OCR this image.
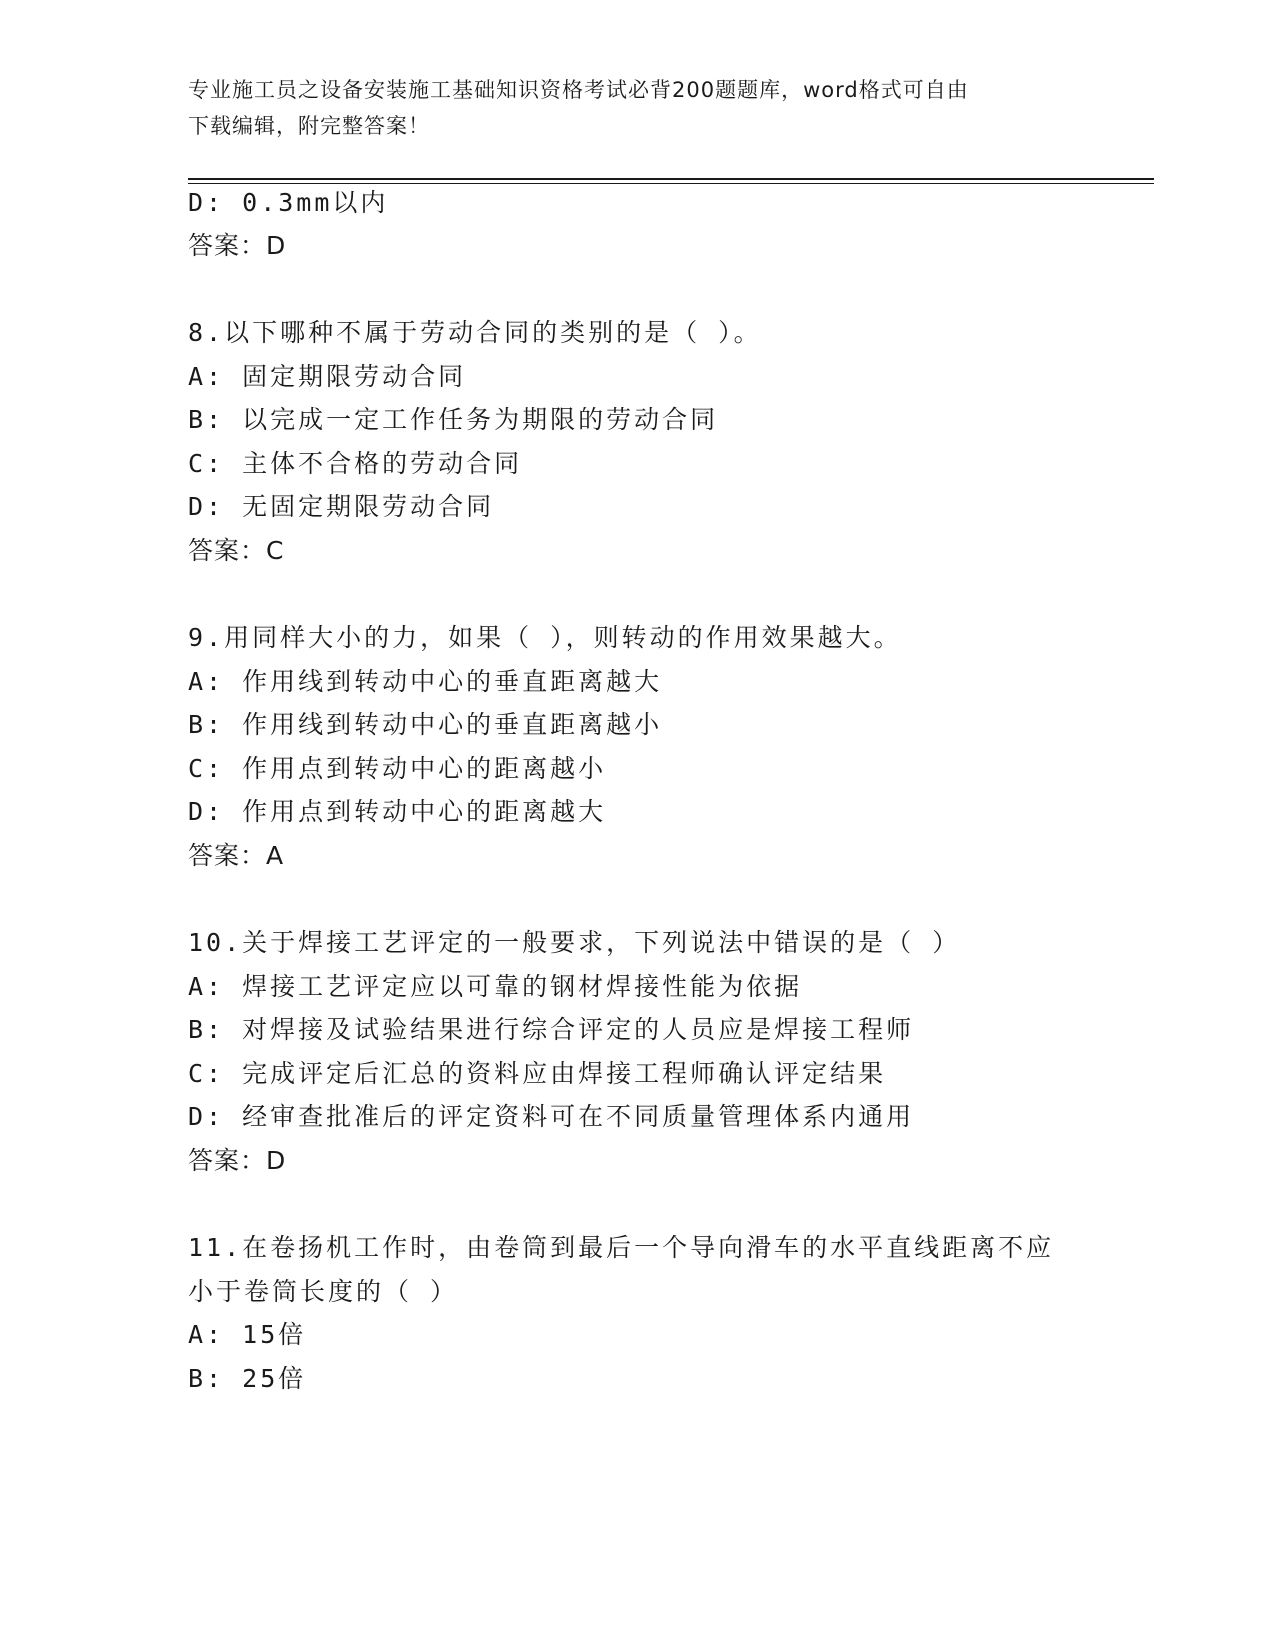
专业施工员之设备安装施工基础知识资格考试必背200题题库，word格式可自由
下载编辑，附完整答案！
D: 0.3mm以内
答案：D
8.以下哪种不属于劳动合同的类别的是（ ）。
A: 固定期限劳动合同
B: 以完成一定工作任务为期限的劳动合同
C: 主体不合格的劳动合同
D: 无固定期限劳动合同
答案：C
9.用同样大小的力，如果（ ），则转动的作用效果越大。
A: 作用线到转动中心的垂直距离越大
B: 作用线到转动中心的垂直距离越小
C: 作用点到转动中心的距离越小
D: 作用点到转动中心的距离越大
答案：A
10.关于焊接工艺评定的一般要求，下列说法中错误的是（ ）
A: 焊接工艺评定应以可靠的钢材焊接性能为依据
B: 对焊接及试验结果进行综合评定的人员应是焊接工程师
C: 完成评定后汇总的资料应由焊接工程师确认评定结果
D: 经审查批准后的评定资料可在不同质量管理体系内通用
答案：D
11.在卷扬机工作时，由卷筒到最后一个导向滑车的水平直线距离不应
小于卷筒长度的（ ）
A: 15倍
B: 25倍
